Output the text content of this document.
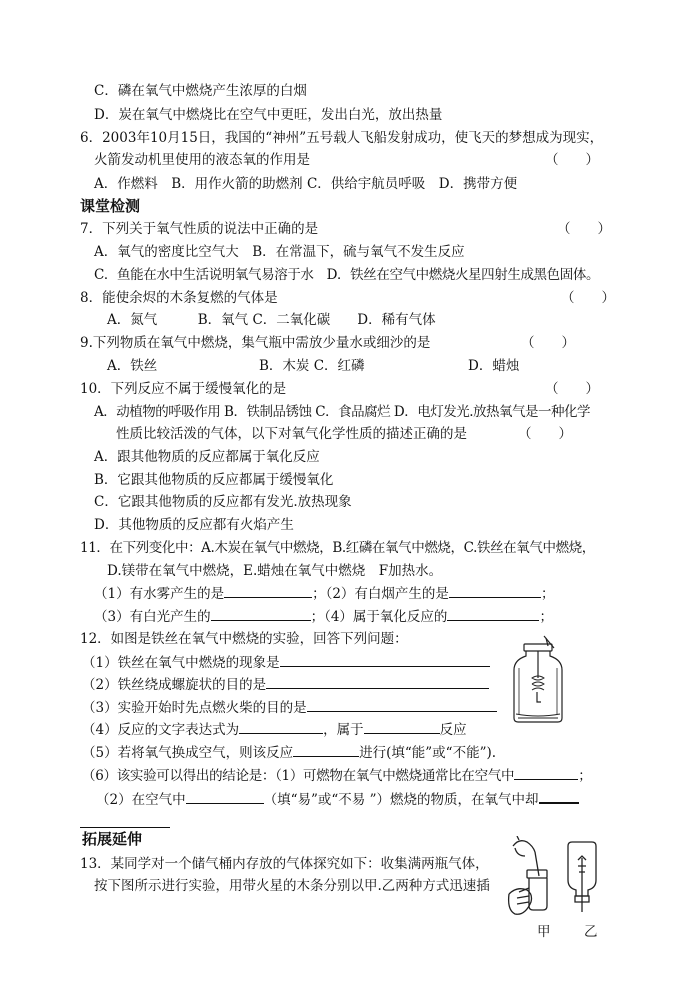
C．磷在氧气中燃烧产生浓厚的白烟
D．炭在氧气中燃烧比在空气中更旺，发出白光，放出热量
6．2003年10月15日，我国的“神州”五号载人飞船发射成功，使飞天的梦想成为现实，
火箭发动机里使用的液态氧的作用是	（　　）
A．作燃料　B．用作火箭的助燃剂 C．供给宇航员呼吸　D．携带方便
课堂检测
7．下列关于氧气性质的说法中正确的是	（　　）
A．氧气的密度比空气大　B．在常温下，硫与氧气不发生反应
C．鱼能在水中生活说明氧气易溶于水　D．铁丝在空气中燃烧火星四射生成黑色固体。
8．能使余烬的木条复燃的气体是	（　　）
A．氮气　　　B．氧气 C．二氧化碳　　D．稀有气体
9.下列物质在氧气中燃烧，集气瓶中需放少量水或细沙的是	（　　）
A．铁丝	B．木炭 C．红磷	D．蜡烛
10．下列反应不属于缓慢氧化的是	（　　）
A．动植物的呼吸作用 B．铁制品锈蚀 C．食品腐烂 D．电灯发光.放热氧气是一种化学
性质比较活泼的气体，以下对氧气化学性质的描述正确的是	（　　）
A．跟其他物质的反应都属于氧化反应
B．它跟其他物质的反应都属于缓慢氧化
C．它跟其他物质的反应都有发光.放热现象
D．其他物质的反应都有火焰产生
11．在下列变化中：A.木炭在氧气中燃烧，B.红磷在氧气中燃烧，C.铁丝在氧气中燃烧，
D.镁带在氧气中燃烧，E.蜡烛在氧气中燃烧　F加热水。
（1）有水雾产生的是	；（2）有白烟产生的是	；
（3）有白光产生的	；（4）属于氧化反应的	；
12．如图是铁丝在氧气中燃烧的实验，回答下列问题：
（1）铁丝在氧气中燃烧的现象是
（2）铁丝绕成螺旋状的目的是
（3）实验开始时先点燃火柴的目的是
（4）反应的文字表达式为	，属于	反应
（5）若将氧气换成空气，则该反应	进行(填“能”或“不能”).
（6）该实验可以得出的结论是：（1）可燃物在氧气中燃烧通常比在空气中	；
（2）在空气中	（填“易”或“不易 ”）燃烧的物质，在氧气中却
拓展延伸
13．某同学对一个储气桶内存放的气体探究如下：收集满两瓶气体，
按下图所示进行实验，用带火星的木条分别以甲.乙两种方式迅速插
甲 乙
